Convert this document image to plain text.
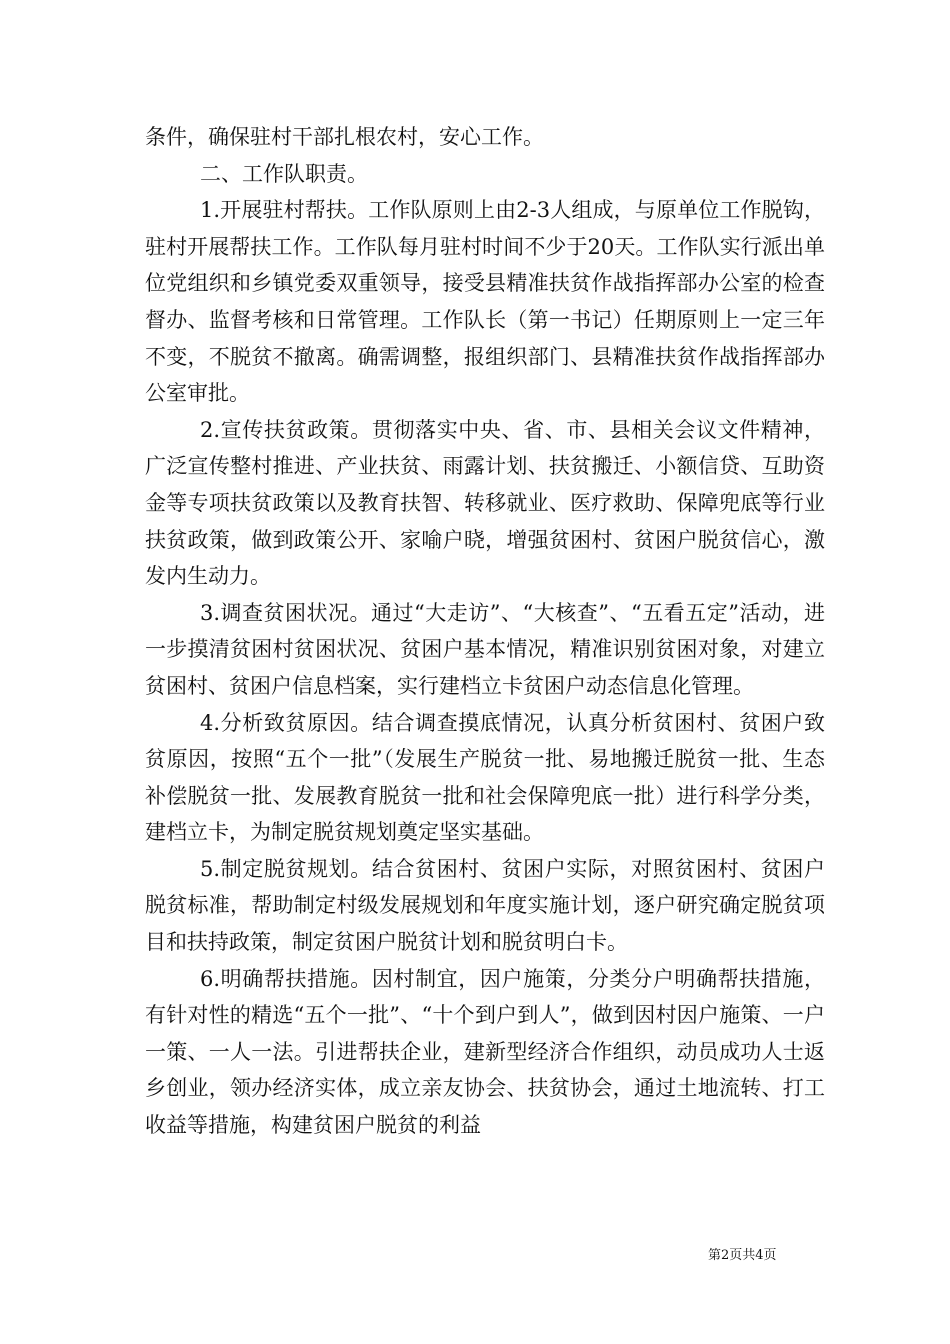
条件，确保驻村干部扎根农村，安心工作。

二、工作队职责。

1.开展驻村帮扶。工作队原则上由2-3人组成，与原单位工作脱钩，驻村开展帮扶工作。工作队每月驻村时间不少于20天。工作队实行派出单位党组织和乡镇党委双重领导，接受县精准扶贫作战指挥部办公室的检查督办、监督考核和日常管理。工作队长（第一书记）任期原则上一定三年不变，不脱贫不撤离。确需调整，报组织部门、县精准扶贫作战指挥部办公室审批。

2.宣传扶贫政策。贯彻落实中央、省、市、县相关会议文件精神，广泛宣传整村推进、产业扶贫、雨露计划、扶贫搬迁、小额信贷、互助资金等专项扶贫政策以及教育扶智、转移就业、医疗救助、保障兜底等行业扶贫政策，做到政策公开、家喻户晓，增强贫困村、贫困户脱贫信心，激发内生动力。

3.调查贫困状况。通过“大走访”、“大核查”、“五看五定”活动，进一步摸清贫困村贫困状况、贫困户基本情况，精准识别贫困对象，对建立贫困村、贫困户信息档案，实行建档立卡贫困户动态信息化管理。

4.分析致贫原因。结合调查摸底情况，认真分析贫困村、贫困户致贫原因，按照“五个一批”（发展生产脱贫一批、易地搬迁脱贫一批、生态补偿脱贫一批、发展教育脱贫一批和社会保障兜底一批）进行科学分类，建档立卡，为制定脱贫规划奠定坚实基础。

5.制定脱贫规划。结合贫困村、贫困户实际，对照贫困村、贫困户脱贫标准，帮助制定村级发展规划和年度实施计划，逐户研究确定脱贫项目和扶持政策，制定贫困户脱贫计划和脱贫明白卡。

6.明确帮扶措施。因村制宜，因户施策，分类分户明确帮扶措施，有针对性的精选“五个一批”、“十个到户到人”，做到因村因户施策、一户一策、一人一法。引进帮扶企业，建新型经济合作组织，动员成功人士返乡创业，领办经济实体，成立亲友协会、扶贫协会，通过土地流转、打工收益等措施，构建贫困户脱贫的利益

第2页共4页
